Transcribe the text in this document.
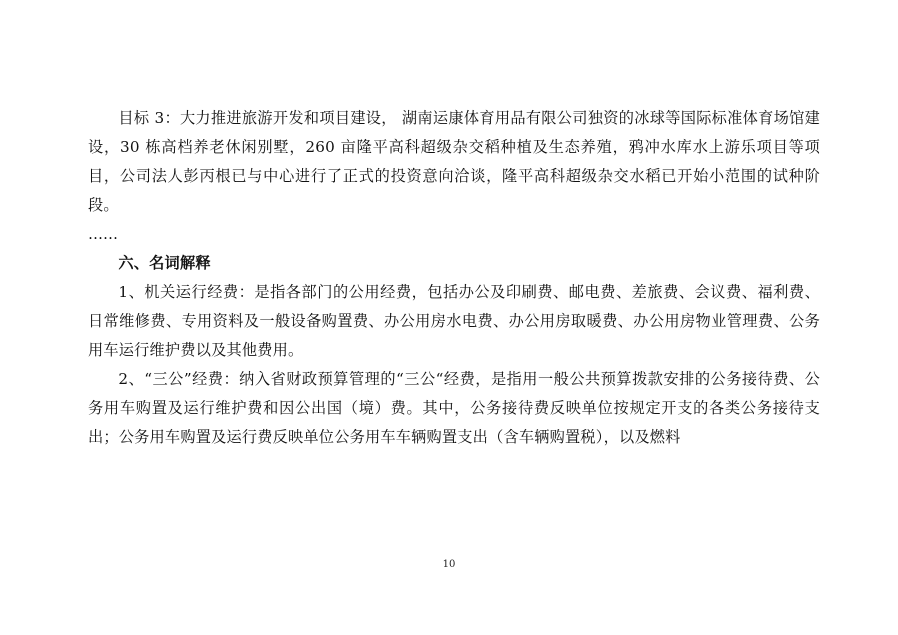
目标 3：大力推进旅游开发和项目建设， 湖南运康体育用品有限公司独资的冰球等国际标准体育场馆建设，30 栋高档养老休闲别墅，260 亩隆平高科超级杂交稻种植及生态养殖，鸦冲水库水上游乐项目等项目，公司法人彭丙根已与中心进行了正式的投资意向洽谈，隆平高科超级杂交水稻已开始小范围的试种阶段。

……

六、名词解释

1、机关运行经费：是指各部门的公用经费，包括办公及印刷费、邮电费、差旅费、会议费、福利费、日常维修费、专用资料及一般设备购置费、办公用房水电费、办公用房取暖费、办公用房物业管理费、公务用车运行维护费以及其他费用。

2、“三公”经费：纳入省财政预算管理的“三公“经费，是指用一般公共预算拨款安排的公务接待费、公务用车购置及运行维护费和因公出国（境）费。其中，公务接待费反映单位按规定开支的各类公务接待支出；公务用车购置及运行费反映单位公务用车车辆购置支出（含车辆购置税），以及燃料

10
